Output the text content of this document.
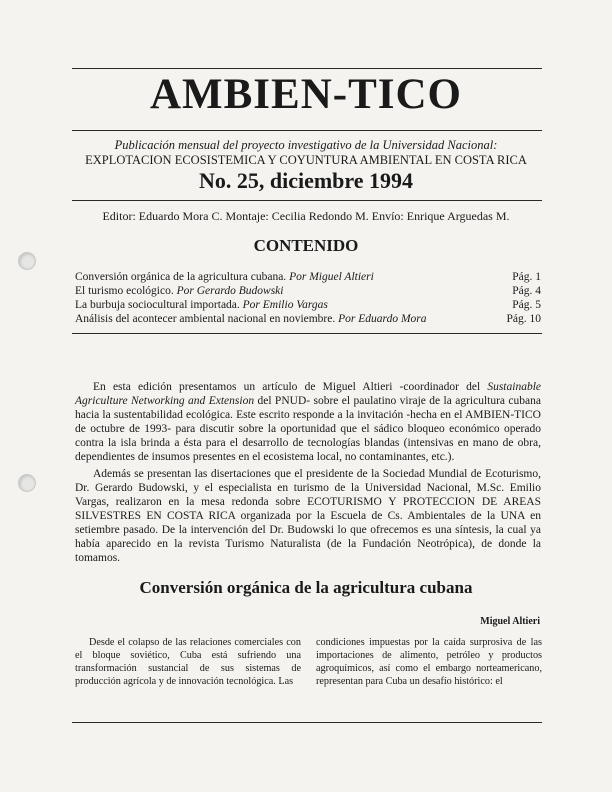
AMBIEN-TICO
Publicación mensual del proyecto investigativo de la Universidad Nacional:
EXPLOTACION ECOSISTEMICA Y COYUNTURA AMBIENTAL EN COSTA RICA
No. 25, diciembre 1994
Editor: Eduardo Mora C. Montaje: Cecilia Redondo M. Envío: Enrique Arguedas M.
CONTENIDO
Conversión orgánica de la agricultura cubana. Por Miguel Altieri	Pág. 1
El turismo ecológico. Por Gerardo Budowski	Pág. 4
La burbuja sociocultural importada. Por Emilio Vargas	Pág. 5
Análisis del acontecer ambiental nacional en noviembre. Por Eduardo Mora	Pág. 10

En esta edición presentamos un artículo de Miguel Altieri -coordinador del Sustainable Agriculture Networking and Extension del PNUD- sobre el paulatino viraje de la agricultura cubana hacia la sustentabilidad ecológica. Este escrito responde a la invitación -hecha en el AMBIEN-TICO de octubre de 1993- para discutir sobre la oportunidad que el sádico bloqueo económico operado contra la isla brinda a ésta para el desarrollo de tecnologías blandas (intensivas en mano de obra, dependientes de insumos presentes en el ecosistema local, no contaminantes, etc.).

Además se presentan las disertaciones que el presidente de la Sociedad Mundial de Ecoturismo, Dr. Gerardo Budowski, y el especialista en turismo de la Universidad Nacional, M.Sc. Emilio Vargas, realizaron en la mesa redonda sobre ECOTURISMO Y PROTECCION DE AREAS SILVESTRES EN COSTA RICA organizada por la Escuela de Cs. Ambientales de la UNA en setiembre pasado. De la intervención del Dr. Budowski lo que ofrecemos es una síntesis, la cual ya había aparecido en la revista Turismo Naturalista (de la Fundación Neotrópica), de donde la tomamos.

Conversión orgánica de la agricultura cubana
Miguel Altieri

Desde el colapso de las relaciones comerciales con el bloque soviético, Cuba está sufriendo una transformación sustancial de sus sistemas de producción agrícola y de innovación tecnológica. Las

condiciones impuestas por la caída surprosiva de las importaciones de alimento, petróleo y productos agroquímicos, así como el embargo norteamericano, representan para Cuba un desafío histórico: el
